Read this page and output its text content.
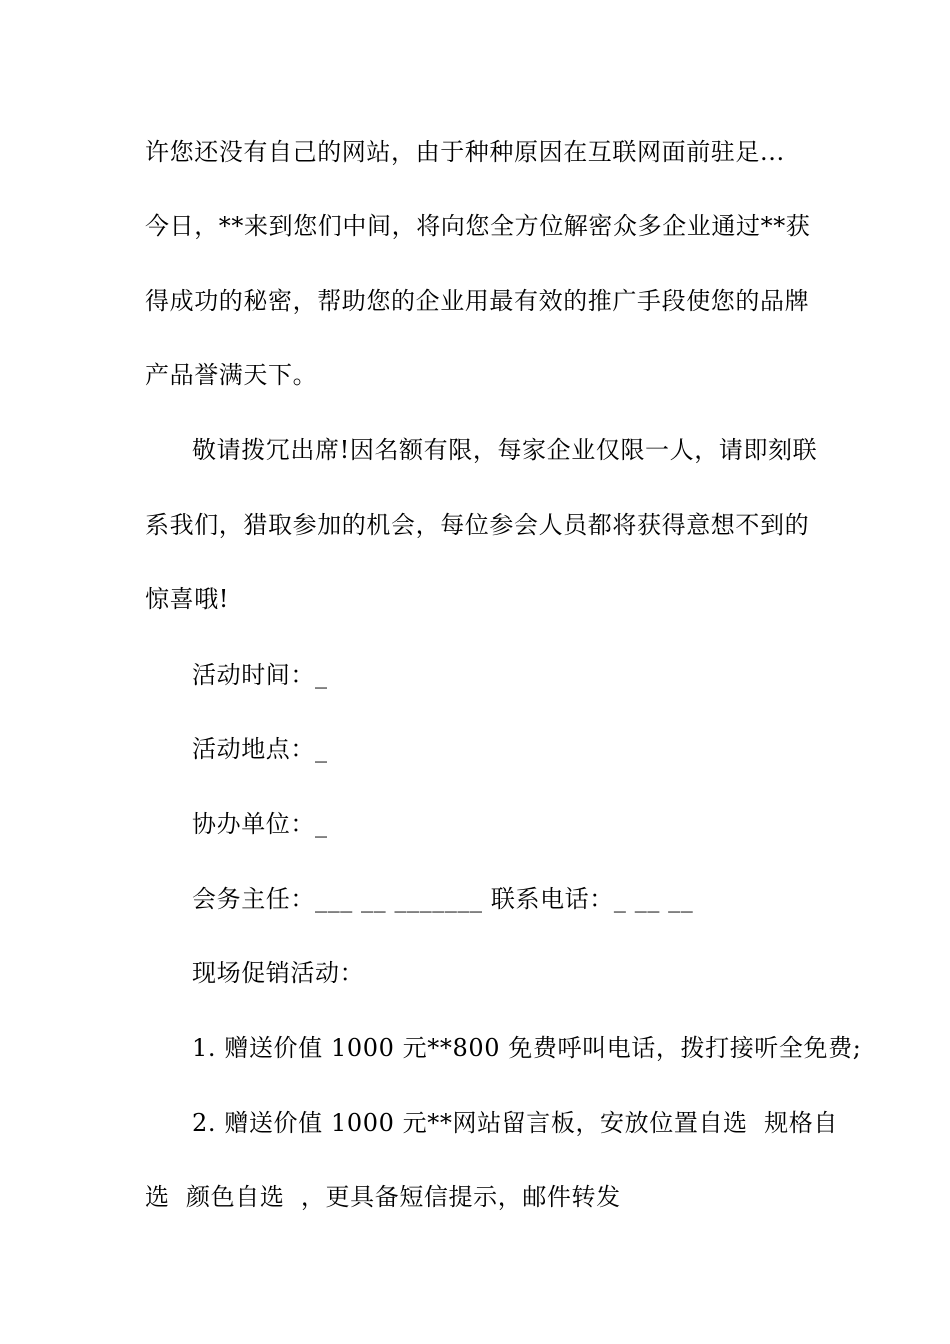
许您还没有自己的网站，由于种种原因在互联网面前驻足...
今日，**来到您们中间，将向您全方位解密众多企业通过**获
得成功的秘密，帮助您的企业用最有效的推广手段使您的品牌
产品誉满天下。
敬请拨冗出席!因名额有限，每家企业仅限一人，请即刻联
系我们，猎取参加的机会，每位参会人员都将获得意想不到的
惊喜哦!
活动时间：_
活动地点：_
协办单位：_
会务主任：___ __ _______ 联系电话：_ __ __
现场促销活动：
1. 赠送价值 1000 元**800 免费呼叫电话，拨打接听全免费;
2. 赠送价值 1000 元**网站留言板，安放位置自选  规格自
选  颜色自选  ，更具备短信提示，邮件转发
